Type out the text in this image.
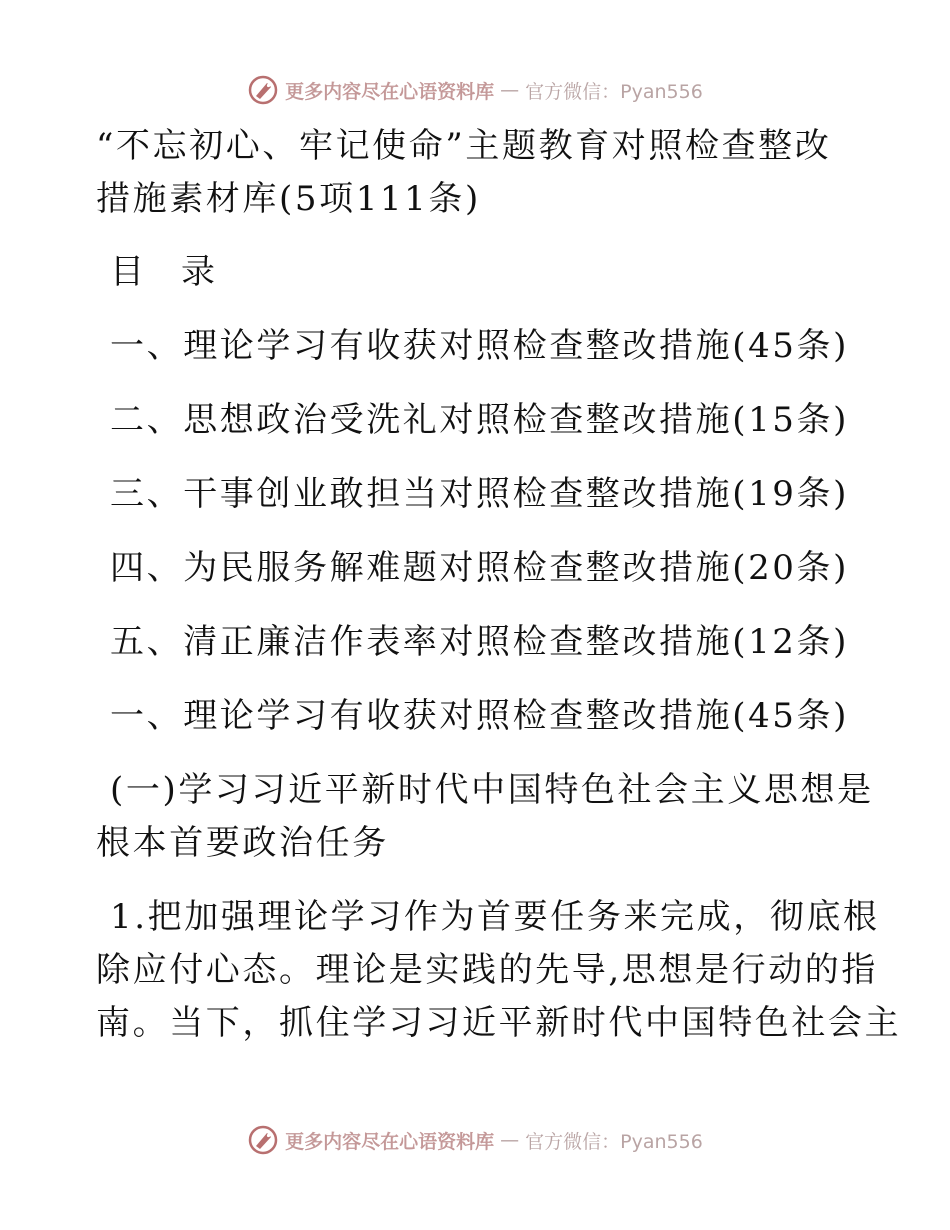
更多内容尽在心语资料库 — 官方微信：Pyan556

“不忘初心、牢记使命”主题教育对照检查整改

措施素材库(5项111条)

目 录

一、理论学习有收获对照检查整改措施(45条)

二、思想政治受洗礼对照检查整改措施(15条)

三、干事创业敢担当对照检查整改措施(19条)

四、为民服务解难题对照检查整改措施(20条)

五、清正廉洁作表率对照检查整改措施(12条)

一、理论学习有收获对照检查整改措施(45条)

(一)学习习近平新时代中国特色社会主义思想是

根本首要政治任务

1.把加强理论学习作为首要任务来完成，彻底根

除应付心态。理论是实践的先导,思想是行动的指

南。当下，抓住学习习近平新时代中国特色社会主

更多内容尽在心语资料库 — 官方微信：Pyan556
